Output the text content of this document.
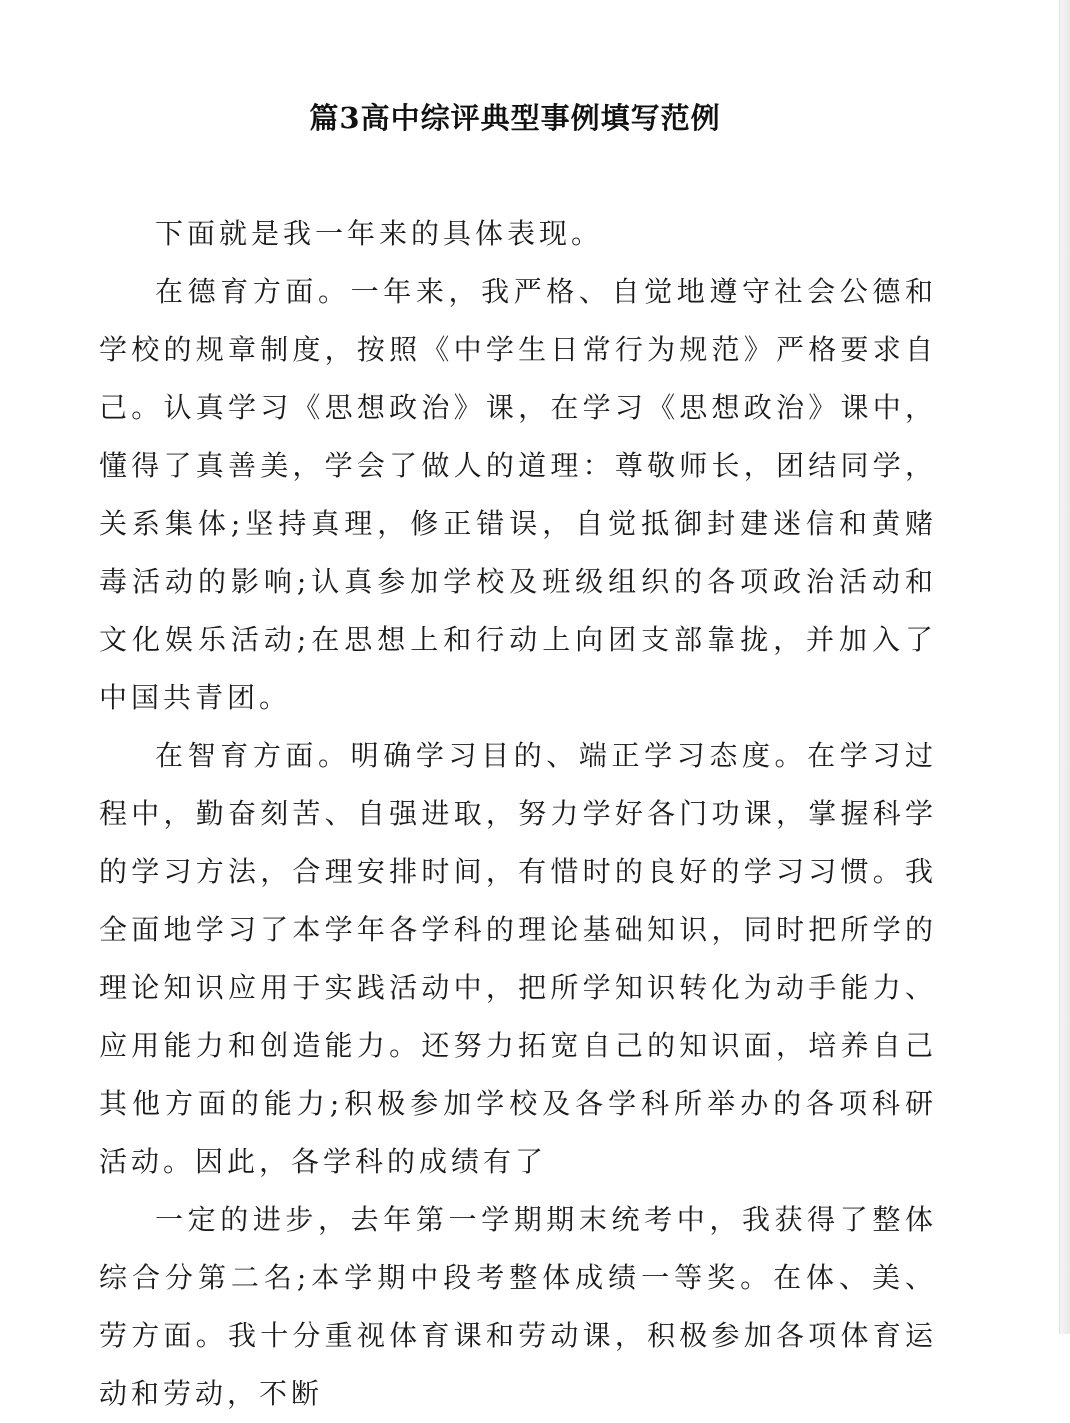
篇3高中综评典型事例填写范例

下面就是我一年来的具体表现。

在德育方面。一年来，我严格、自觉地遵守社会公德和学校的规章制度，按照《中学生日常行为规范》严格要求自己。认真学习《思想政治》课，在学习《思想政治》课中，懂得了真善美，学会了做人的道理：尊敬师长，团结同学，关系集体;坚持真理，修正错误，自觉抵御封建迷信和黄赌毒活动的影响;认真参加学校及班级组织的各项政治活动和文化娱乐活动;在思想上和行动上向团支部靠拢，并加入了中国共青团。

在智育方面。明确学习目的、端正学习态度。在学习过程中，勤奋刻苦、自强进取，努力学好各门功课，掌握科学的学习方法，合理安排时间，有惜时的良好的学习习惯。我全面地学习了本学年各学科的理论基础知识，同时把所学的理论知识应用于实践活动中，把所学知识转化为动手能力、应用能力和创造能力。还努力拓宽自己的知识面，培养自己其他方面的能力;积极参加学校及各学科所举办的各项科研活动。因此，各学科的成绩有了

一定的进步，去年第一学期期末统考中，我获得了整体综合分第二名;本学期中段考整体成绩一等奖。在体、美、劳方面。我十分重视体育课和劳动课，积极参加各项体育运动和劳动，不断
